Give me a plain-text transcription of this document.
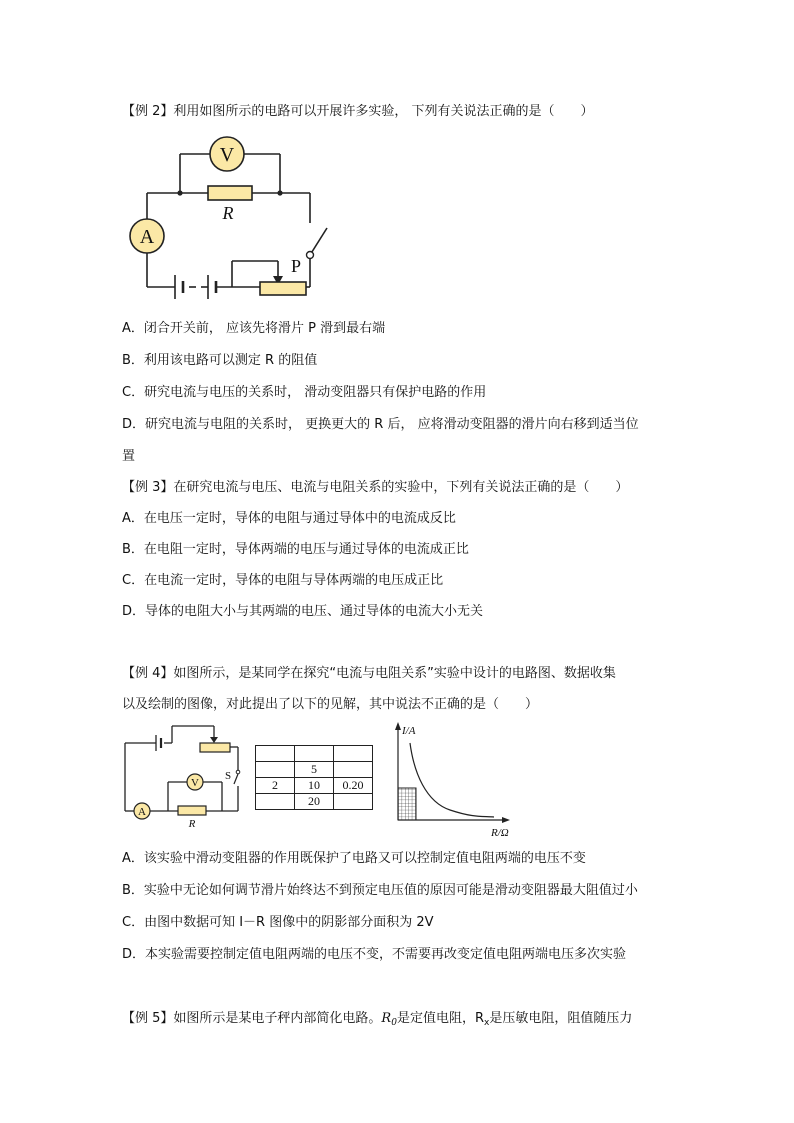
【例 2】利用如图所示的电路可以开展许多实验， 下列有关说法正确的是（　　）
V
R
A
P
A．闭合开关前， 应该先将滑片 P 滑到最右端
B．利用该电路可以测定 R 的阻值
C．研究电流与电压的关系时， 滑动变阻器只有保护电路的作用
D．研究电流与电阻的关系时， 更换更大的 R 后， 应将滑动变阻器的滑片向右移到适当位
置
【例 3】在研究电流与电压、电流与电阻关系的实验中，下列有关说法正确的是（　　）
A．在电压一定时，导体的电阻与通过导体中的电流成反比
B．在电阻一定时，导体两端的电压与通过导体的电流成正比
C．在电流一定时，导体的电阻与导体两端的电压成正比
D．导体的电阻大小与其两端的电压、通过导体的电流大小无关
【例 4】如图所示，是某同学在探究“电流与电阻关系”实验中设计的电路图、数据收集
以及绘制的图像，对此提出了以下的见解，其中说法不正确的是（　　）
S
A
R
V

	5	
2	10	0.20
	20	
I/A
R/Ω
A．该实验中滑动变阻器的作用既保护了电路又可以控制定值电阻两端的电压不变
B．实验中无论如何调节滑片始终达不到预定电压值的原因可能是滑动变阻器最大阻值过小
C．由图中数据可知 I－R 图像中的阴影部分面积为 2V
D．本实验需要控制定值电阻两端的电压不变，不需要再改变定值电阻两端电压多次实验
【例 5】如图所示是某电子秤内部简化电路。$R_0$是定值电阻，$R_x$是压敏电阻，阻值随压力
